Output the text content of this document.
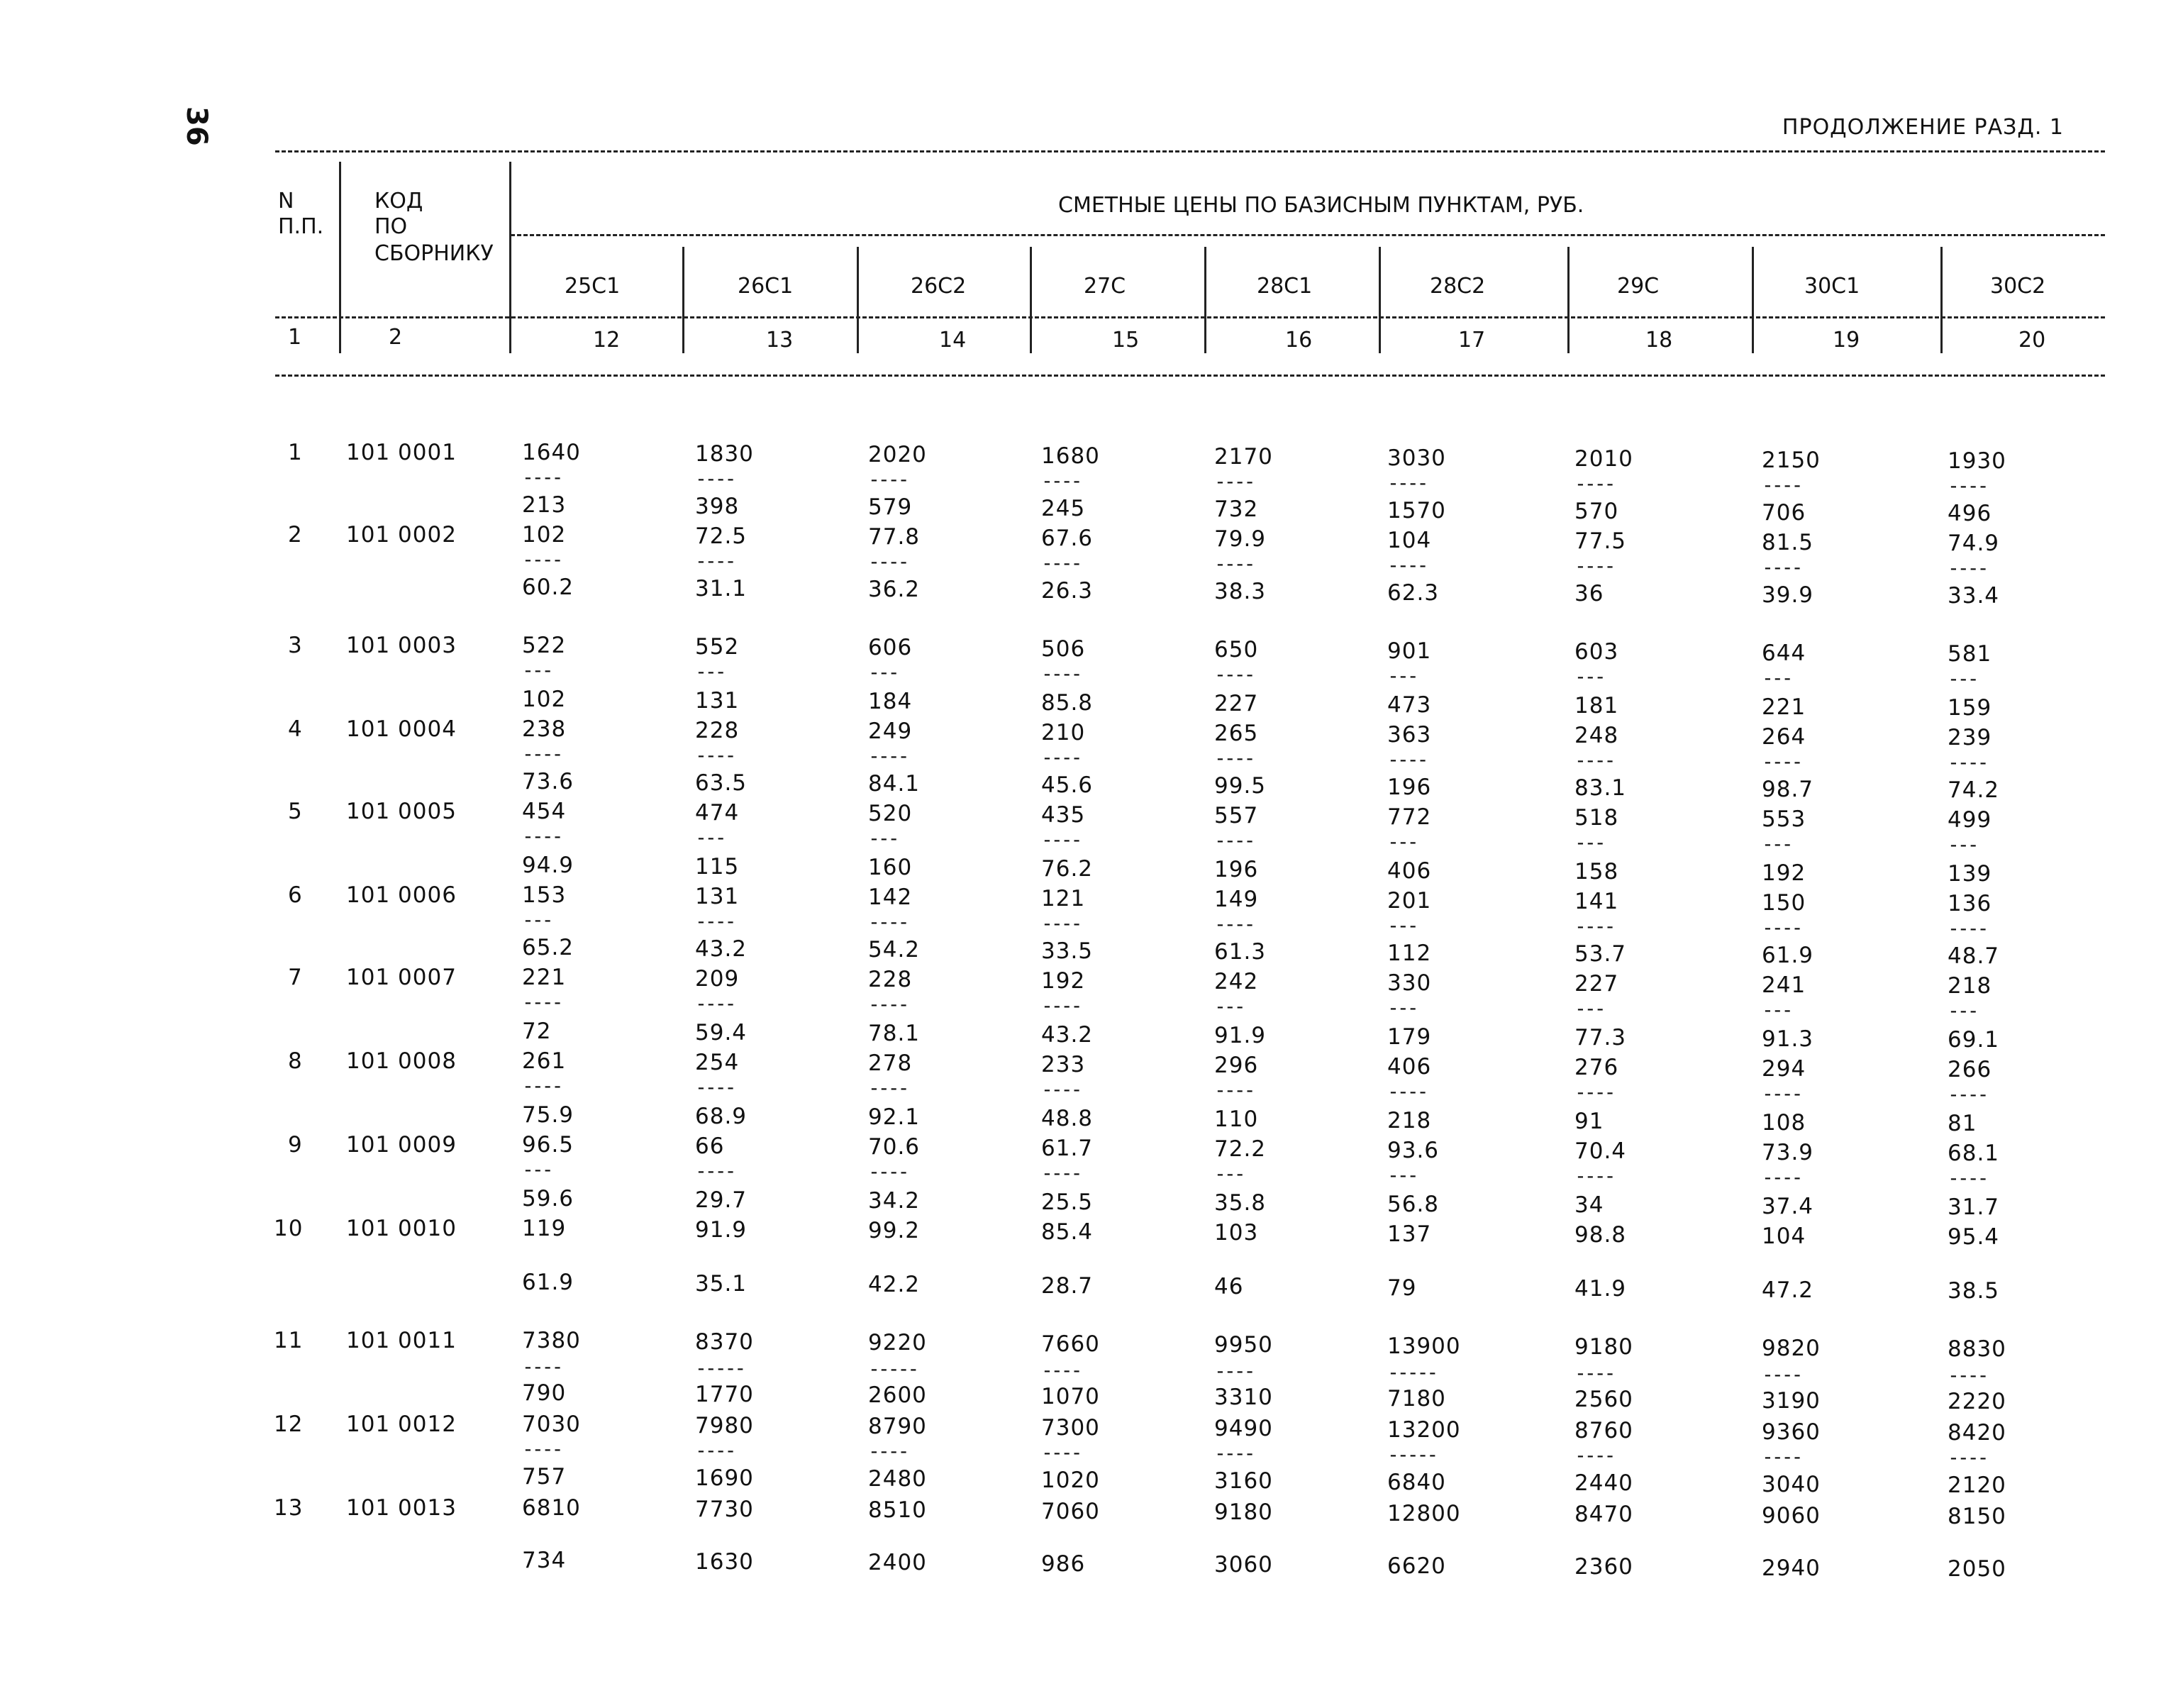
36	ПРОДОЛЖЕНИЕ РАЗД. 1
N
П.П.
КОД
ПО
СБОРНИКУ
СМЕТНЫЕ ЦЕНЫ ПО БАЗИСНЫМ ПУНКТАМ, РУБ.
1	2
25С1
12
26С1
13
26С2
14
27С
15
28С1
16
28С2
17
29С
18
30С1
19
30С2
20
1 101 0001
2 101 0002
3 101 0003
4 101 0004
5 101 0005
6 101 0006
7 101 0007
8 101 0008
9 101 0009
10 101 0010
11 101 0011
12 101 0012
13 101 0013
1640
213
102
60.2
522
102
238
73.6
454
94.9
153
65.2
221
72
261
75.9
96.5
59.6
119
61.9
7380
790
7030
757
6810
734
----
----
---
----
----
---
----
----
---
----
----
1830
398
72.5
31.1
552
131
228
63.5
474
115
131
43.2
209
59.4
254
68.9
66
29.7
91.9
35.1
8370
1770
7980
1690
7730
1630
----
----
---
----
---
----
----
----
----
-----
----
2020
579
77.8
36.2
606
184
249
84.1
520
160
142
54.2
228
78.1
278
92.1
70.6
34.2
99.2
42.2
9220
2600
8790
2480
8510
2400
----
----
---
----
---
----
----
----
----
-----
----
1680
245
67.6
26.3
506
85.8
210
45.6
435
76.2
121
33.5
192
43.2
233
48.8
61.7
25.5
85.4
28.7
7660
1070
7300
1020
7060
986
----
----
----
----
----
----
----
----
----
----
----
2170
732
79.9
38.3
650
227
265
99.5
557
196
149
61.3
242
91.9
296
110
72.2
35.8
103
46
9950
3310
9490
3160
9180
3060
----
----
----
----
----
----
---
----
---
----
----
3030
1570
104
62.3
901
473
363
196
772
406
201
112
330
179
406
218
93.6
56.8
137
79
13900
7180
13200
6840
12800
6620
----
----
---
----
---
---
---
----
---
-----
-----
2010
570
77.5
36
603
181
248
83.1
518
158
141
53.7
227
77.3
276
91
70.4
34
98.8
41.9
9180
2560
8760
2440
8470
2360
----
----
---
----
---
----
---
----
----
----
----
2150
706
81.5
39.9
644
221
264
98.7
553
192
150
61.9
241
91.3
294
108
73.9
37.4
104
47.2
9820
3190
9360
3040
9060
2940
----
----
---
----
---
----
---
----
----
----
----
1930
496
74.9
33.4
581
159
239
74.2
499
139
136
48.7
218
69.1
266
81
68.1
31.7
95.4
38.5
8830
2220
8420
2120
8150
2050
----
----
---
----
---
----
---
----
----
----
----
